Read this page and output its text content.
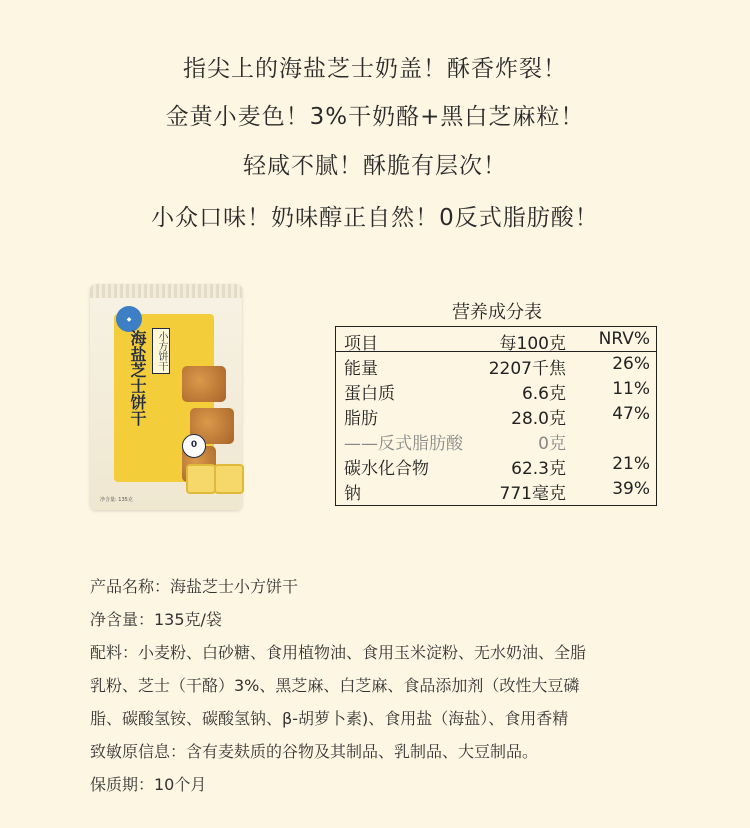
指尖上的海盐芝士奶盖！酥香炸裂！
金黄小麦色！3%干奶酪+黑白芝麻粒！
轻咸不腻！酥脆有层次！
小众口味！奶味醇正自然！0反式脂肪酸！
◆
海盐芝士饼干 小方饼干
0
净含量: 135克
营养成分表
项目	每100克 NRV%
能量	2207千焦	26%
蛋白质	6.6克	11%
脂肪	28.0克	47%
——反式脂肪酸	0克
碳水化合物	62.3克	21%
钠	771毫克	39%

产品名称：海盐芝士小方饼干

净含量：135克/袋

配料：小麦粉、白砂糖、食用植物油、食用玉米淀粉、无水奶油、全脂

乳粉、芝士（干酪）3%、黑芝麻、白芝麻、食品添加剂（改性大豆磷

脂、碳酸氢铵、碳酸氢钠、β-胡萝卜素)、食用盐（海盐）、食用香精

致敏原信息：含有麦麸质的谷物及其制品、乳制品、大豆制品。

保质期：10个月
